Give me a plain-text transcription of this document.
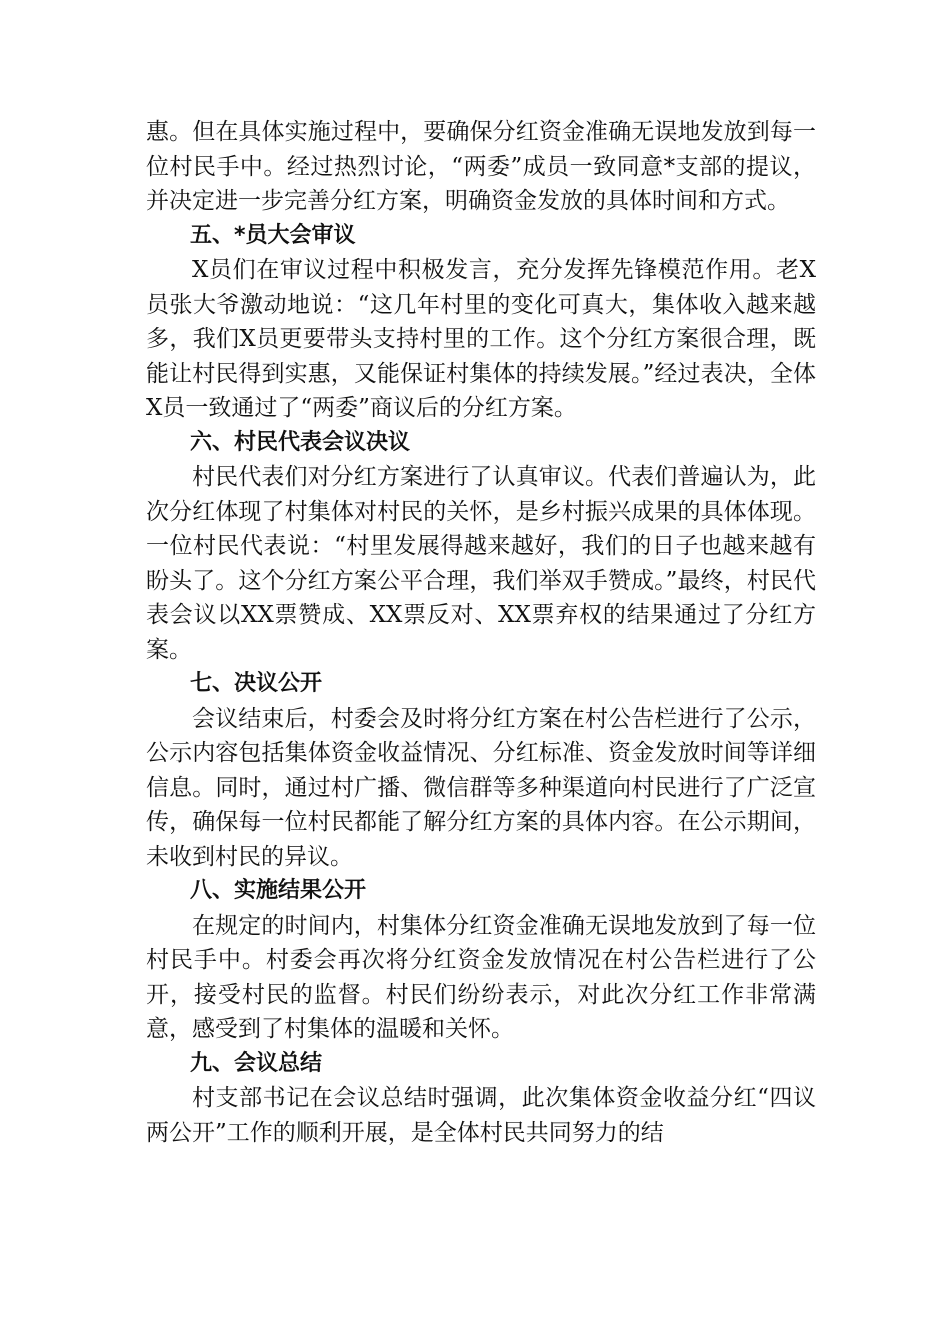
惠。但在具体实施过程中，要确保分红资金准确无误地发放到每一位村民手中。经过热烈讨论，“两委”成员一致同意*支部的提议，并决定进一步完善分红方案，明确资金发放的具体时间和方式。

五、*员大会审议

X员们在审议过程中积极发言，充分发挥先锋模范作用。老X员张大爷激动地说：“这几年村里的变化可真大，集体收入越来越多，我们X员更要带头支持村里的工作。这个分红方案很合理，既能让村民得到实惠，又能保证村集体的持续发展。”经过表决，全体X员一致通过了“两委”商议后的分红方案。

六、村民代表会议决议

村民代表们对分红方案进行了认真审议。代表们普遍认为，此次分红体现了村集体对村民的关怀，是乡村振兴成果的具体体现。一位村民代表说：“村里发展得越来越好，我们的日子也越来越有盼头了。这个分红方案公平合理，我们举双手赞成。”最终，村民代表会议以XX票赞成、XX票反对、XX票弃权的结果通过了分红方案。

七、决议公开

会议结束后，村委会及时将分红方案在村公告栏进行了公示，公示内容包括集体资金收益情况、分红标准、资金发放时间等详细信息。同时，通过村广播、微信群等多种渠道向村民进行了广泛宣传，确保每一位村民都能了解分红方案的具体内容。在公示期间，未收到村民的异议。

八、实施结果公开

在规定的时间内，村集体分红资金准确无误地发放到了每一位村民手中。村委会再次将分红资金发放情况在村公告栏进行了公开，接受村民的监督。村民们纷纷表示，对此次分红工作非常满意，感受到了村集体的温暖和关怀。

九、会议总结

村支部书记在会议总结时强调，此次集体资金收益分红“四议两公开”工作的顺利开展，是全体村民共同努力的结
